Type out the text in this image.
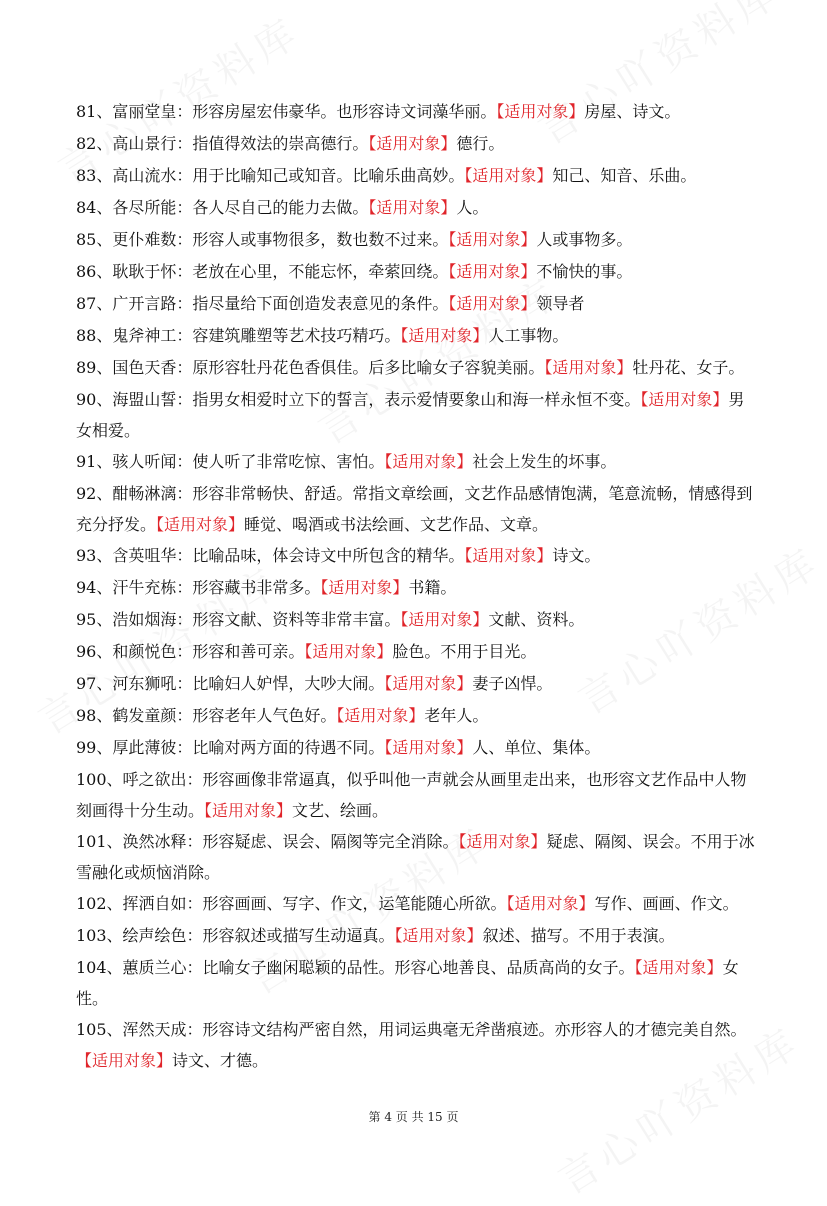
81、富丽堂皇：形容房屋宏伟豪华。也形容诗文词藻华丽。【适用对象】房屋、诗文。

82、高山景行：指值得效法的崇高德行。【适用对象】德行。

83、高山流水：用于比喻知己或知音。比喻乐曲高妙。【适用对象】知己、知音、乐曲。

84、各尽所能：各人尽自己的能力去做。【适用对象】人。

85、更仆难数：形容人或事物很多，数也数不过来。【适用对象】人或事物多。

86、耿耿于怀：老放在心里，不能忘怀，牵萦回绕。【适用对象】不愉快的事。

87、广开言路：指尽量给下面创造发表意见的条件。【适用对象】领导者

88、鬼斧神工：容建筑雕塑等艺术技巧精巧。【适用对象】人工事物。

89、国色天香：原形容牡丹花色香俱佳。后多比喻女子容貌美丽。【适用对象】牡丹花、女子。

90、海盟山誓：指男女相爱时立下的誓言，表示爱情要象山和海一样永恒不变。【适用对象】男女相爱。

91、骇人听闻：使人听了非常吃惊、害怕。【适用对象】社会上发生的坏事。

92、酣畅淋漓：形容非常畅快、舒适。常指文章绘画，文艺作品感情饱满，笔意流畅，情感得到充分抒发。【适用对象】睡觉、喝酒或书法绘画、文艺作品、文章。

93、含英咀华：比喻品味，体会诗文中所包含的精华。【适用对象】诗文。

94、汗牛充栋：形容藏书非常多。【适用对象】书籍。

95、浩如烟海：形容文献、资料等非常丰富。【适用对象】文献、资料。

96、和颜悦色：形容和善可亲。【适用对象】脸色。不用于目光。

97、河东狮吼：比喻妇人妒悍，大吵大闹。【适用对象】妻子凶悍。

98、鹤发童颜：形容老年人气色好。【适用对象】老年人。

99、厚此薄彼：比喻对两方面的待遇不同。【适用对象】人、单位、集体。

100、呼之欲出：形容画像非常逼真，似乎叫他一声就会从画里走出来，也形容文艺作品中人物刻画得十分生动。【适用对象】文艺、绘画。

101、涣然冰释：形容疑虑、误会、隔阂等完全消除。【适用对象】疑虑、隔阂、误会。不用于冰雪融化或烦恼消除。

102、挥洒自如：形容画画、写字、作文，运笔能随心所欲。【适用对象】写作、画画、作文。

103、绘声绘色：形容叙述或描写生动逼真。【适用对象】叙述、描写。不用于表演。

104、蕙质兰心：比喻女子幽闲聪颖的品性。形容心地善良、品质高尚的女子。【适用对象】女性。

105、浑然天成：形容诗文结构严密自然，用词运典毫无斧凿痕迹。亦形容人的才德完美自然。【适用对象】诗文、才德。

第 4 页 共 15 页
